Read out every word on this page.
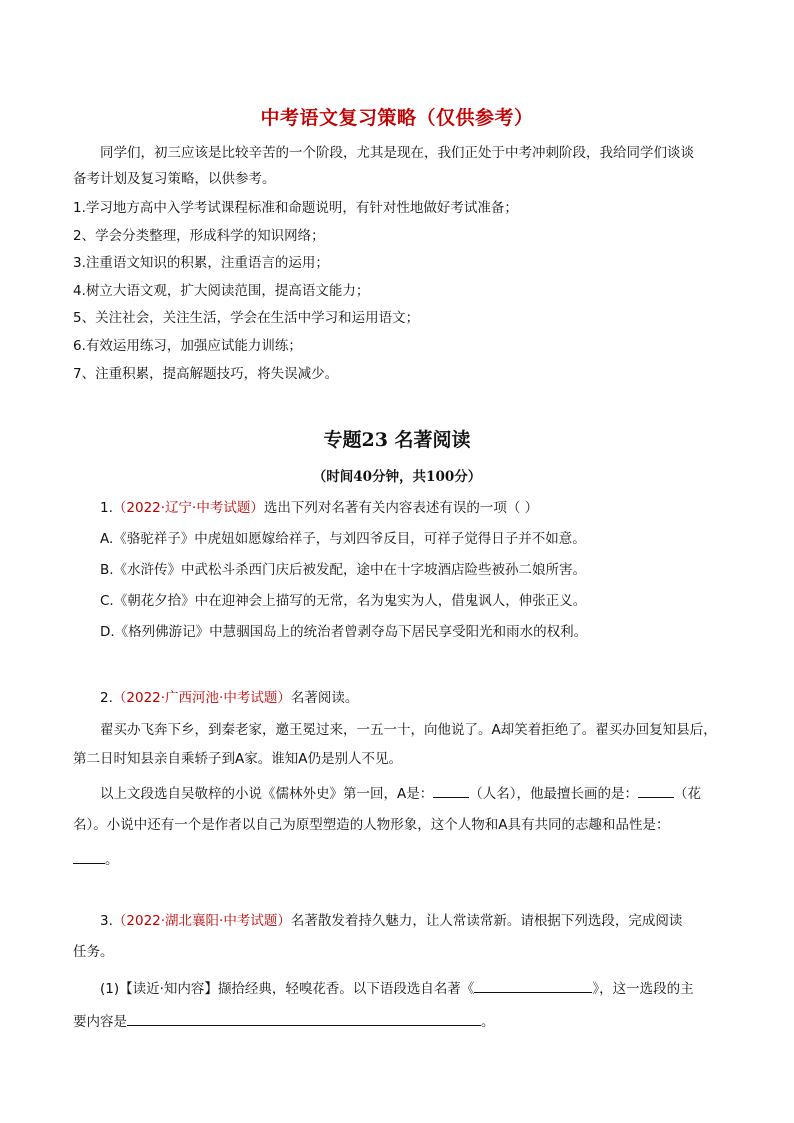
中考语文复习策略（仅供参考）
同学们，初三应该是比较辛苦的一个阶段，尤其是现在，我们正处于中考冲刺阶段，我给同学们谈谈
备考计划及复习策略，以供参考。
1.学习地方高中入学考试课程标准和命题说明，有针对性地做好考试准备；
2、学会分类整理，形成科学的知识网络；
3.注重语文知识的积累，注重语言的运用；
4.树立大语文观，扩大阅读范围，提高语文能力；
5、关注社会，关注生活，学会在生活中学习和运用语文；
6.有效运用练习，加强应试能力训练；
7、注重积累，提高解题技巧，将失误减少。
专题23 名著阅读
（时间40分钟，共100分）
1.（2022·辽宁·中考试题）选出下列对名著有关内容表述有误的一项（ ）
A.《骆驼祥子》中虎妞如愿嫁给祥子，与刘四爷反目，可祥子觉得日子并不如意。
B.《水浒传》中武松斗杀西门庆后被发配，途中在十字坡酒店险些被孙二娘所害。
C.《朝花夕拾》中在迎神会上描写的无常，名为鬼实为人，借鬼讽人，伸张正义。
D.《格列佛游记》中慧骃国岛上的统治者曾剥夺岛下居民享受阳光和雨水的权利。
2.（2022·广西河池·中考试题）名著阅读。
翟买办飞奔下乡，到秦老家，邀王冕过来，一五一十，向他说了。A却笑着拒绝了。翟买办回复知县后，
第二日时知县亲自乘轿子到A家。谁知A仍是别人不见。
以上文段选自吴敬梓的小说《儒林外史》第一回，A是：	（人名），他最擅长画的是：	（花
名）。小说中还有一个是作者以自己为原型塑造的人物形象，这个人物和A具有共同的志趣和品性是：
。
3.（2022·湖北襄阳·中考试题）名著散发着持久魅力，让人常读常新。请根据下列选段，完成阅读
任务。
(1)【读近·知内容】撷拾经典，轻嗅花香。以下语段选自名著《	》，这一选段的主
要内容是	。
